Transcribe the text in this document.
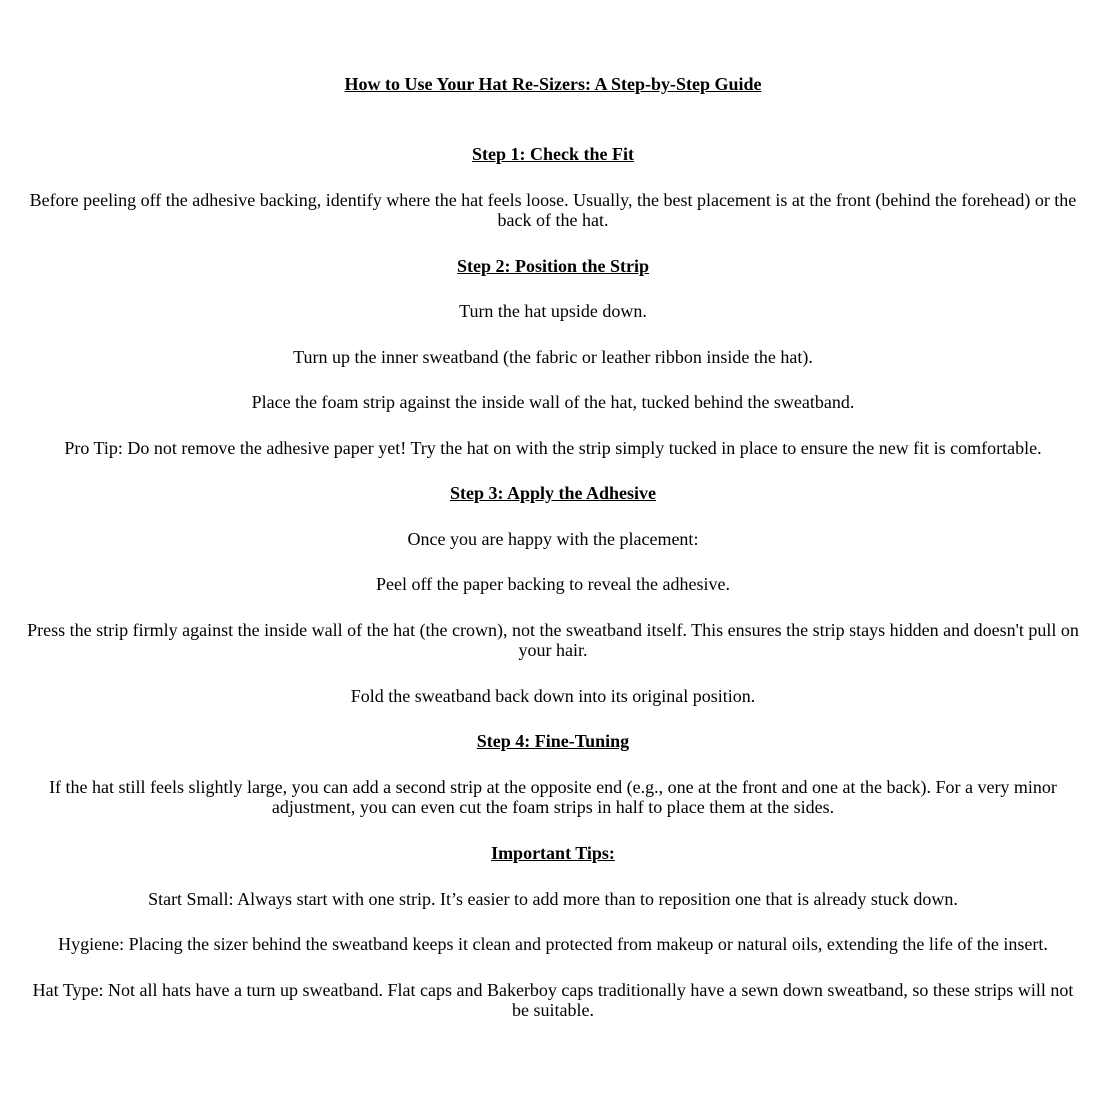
How to Use Your Hat Re-Sizers: A Step-by-Step Guide

Step 1: Check the Fit

Before peeling off the adhesive backing, identify where the hat feels loose. Usually, the best placement is at the front (behind the forehead) or the back of the hat.

Step 2: Position the Strip

Turn the hat upside down.

Turn up the inner sweatband (the fabric or leather ribbon inside the hat).

Place the foam strip against the inside wall of the hat, tucked behind the sweatband.

Pro Tip: Do not remove the adhesive paper yet! Try the hat on with the strip simply tucked in place to ensure the new fit is comfortable.

Step 3: Apply the Adhesive

Once you are happy with the placement:

Peel off the paper backing to reveal the adhesive.

Press the strip firmly against the inside wall of the hat (the crown), not the sweatband itself. This ensures the strip stays hidden and doesn't pull on your hair.

Fold the sweatband back down into its original position.

Step 4: Fine-Tuning

If the hat still feels slightly large, you can add a second strip at the opposite end (e.g., one at the front and one at the back). For a very minor adjustment, you can even cut the foam strips in half to place them at the sides.

Important Tips:

Start Small: Always start with one strip. It’s easier to add more than to reposition one that is already stuck down.

Hygiene: Placing the sizer behind the sweatband keeps it clean and protected from makeup or natural oils, extending the life of the insert.

Hat Type: Not all hats have a turn up sweatband. Flat caps and Bakerboy caps traditionally have a sewn down sweatband, so these strips will not be suitable.
